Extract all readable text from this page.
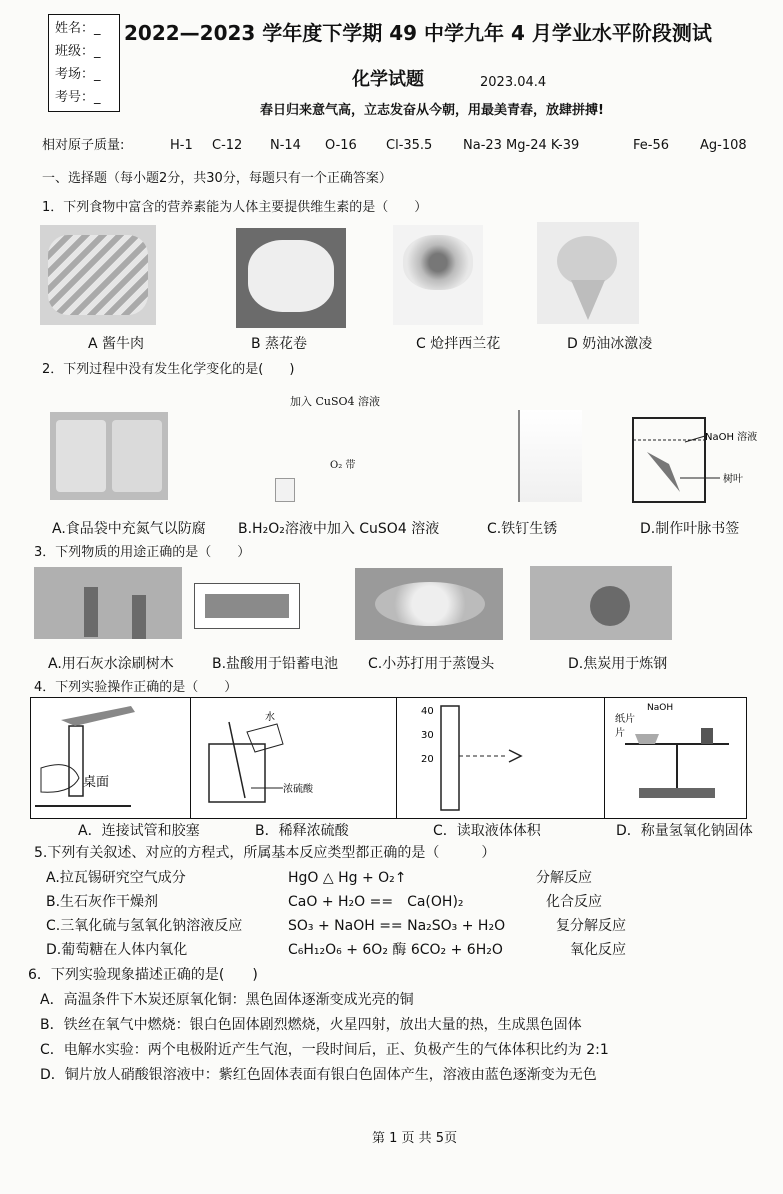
姓名：_
班级：_
考场：_
考号：_
2022—2023 学年度下学期 49 中学九年 4 月学业水平阶段测试
化学试题	2023.04.4
春日归来意气高，立志发奋从今朝，用最美青春，放肆拼搏!
相对原子质量:	H-1 C-12 N-14 O-16 Cl-35.5 Na-23 Mg-24 K-39	Fe-56 Ag-108
一、选择题（每小题2分，共30分，每题只有一个正确答案）
1．下列食物中富含的营养素能为人体主要提供维生素的是（　　）
A 酱牛肉	B 蒸花卷	C 炝拌西兰花	D 奶油冰激凌
2．下列过程中没有发生化学变化的是(　　)
加入 CuSO4 溶液
O₂ 带
NaOH 溶液
树叶
A.食品袋中充氮气以防腐 B.H₂O₂溶液中加入 CuSO4 溶液	C.铁钉生锈	D.制作叶脉书签
3．下列物质的用途正确的是（　　）
A.用石灰水涂刷树木	B.盐酸用于铅蓄电池 C.小苏打用于蒸馒头	D.焦炭用于炼钢
4．下列实验操作正确的是（　　）
桌面
水
浓硫酸
40
30
20
NaOH
纸片
片
A．连接试管和胶塞	B．稀释浓硫酸	C．读取液体体积	D．称量氢氧化钠固体
5.下列有关叙述、对应的方程式，所属基本反应类型都正确的是（　　　）
A.拉瓦锡研究空气成分	HgO △ Hg + O₂↑	分解反应
B.生石灰作干燥剂	CaO + H₂O ==　Ca(OH)₂	化合反应
C.三氧化硫与氢氧化钠溶液反应	SO₃ + NaOH == Na₂SO₃ + H₂O	复分解反应
D.葡萄糖在人体内氧化	C₆H₁₂O₆ + 6O₂ 酶 6CO₂ + 6H₂O	氧化反应
6．下列实验现象描述正确的是(　　)
A．高温条件下木炭还原氧化铜：黑色固体逐渐变成光亮的铜
B．铁丝在氧气中燃烧：银白色固体剧烈燃烧，火星四射，放出大量的热，生成黑色固体
C．电解水实验：两个电极附近产生气泡，一段时间后，正、负极产生的气体体积比约为 2:1
D．铜片放人硝酸银溶液中：紫红色固体表面有银白色固体产生，溶液由蓝色逐渐变为无色
第 1 页 共 5页
